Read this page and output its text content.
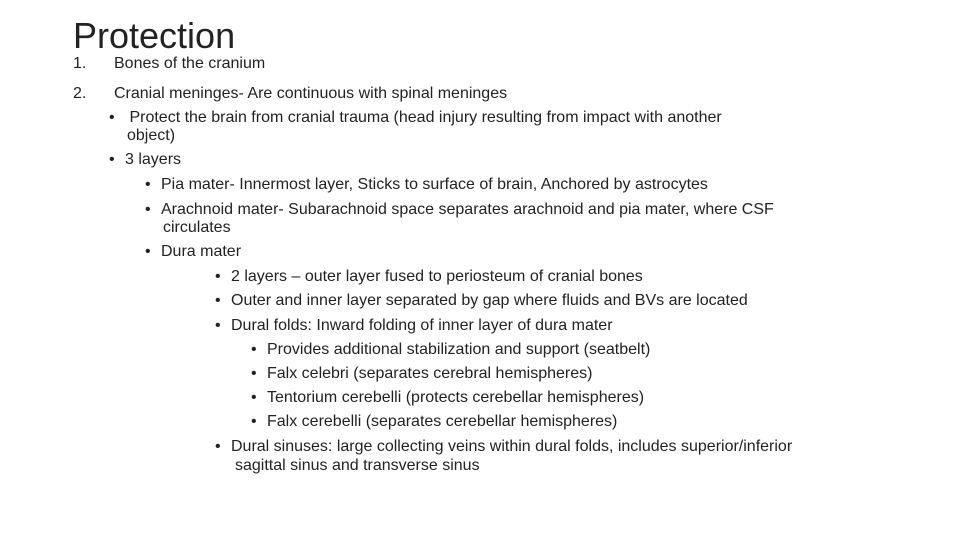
Protection
1. Bones of the cranium
2. Cranial meninges- Are continuous with spinal meninges
• Protect the brain from cranial trauma (head injury resulting from impact with another
object)
• 3 layers
• Pia mater- Innermost layer, Sticks to surface of brain, Anchored by astrocytes
• Arachnoid mater- Subarachnoid space separates arachnoid and pia mater, where CSF
circulates
• Dura mater
• 2 layers – outer layer fused to periosteum of cranial bones
• Outer and inner layer separated by gap where fluids and BVs are located
• Dural folds: Inward folding of inner layer of dura mater
• Provides additional stabilization and support (seatbelt)
• Falx celebri (separates cerebral hemispheres)
• Tentorium cerebelli (protects cerebellar hemispheres)
• Falx cerebelli (separates cerebellar hemispheres)
• Dural sinuses: large collecting veins within dural folds, includes superior/inferior
sagittal sinus and transverse sinus
